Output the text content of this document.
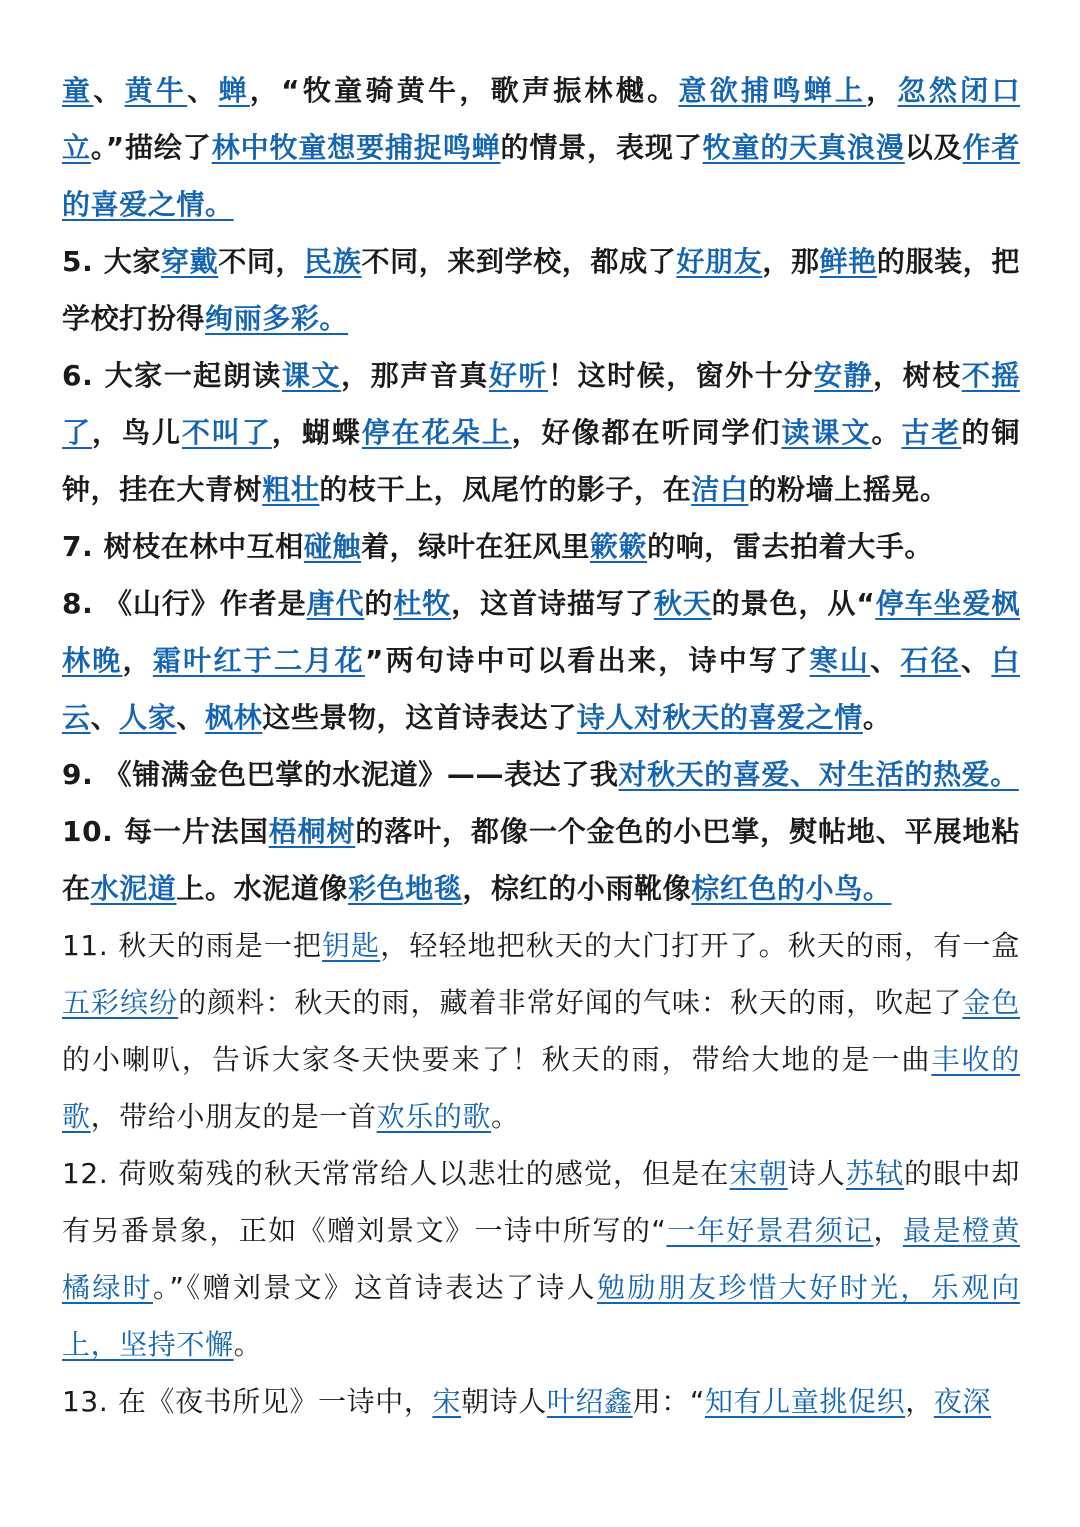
童、黄牛、蝉，“牧童骑黄牛，歌声振林樾。意欲捕鸣蝉上，忽然闭口立。”描绘了林中牧童想要捕捉鸣蝉的情景，表现了牧童的天真浪漫以及作者的喜爱之情。

5. 大家穿戴不同，民族不同，来到学校，都成了好朋友，那鲜艳的服装，把学校打扮得绚丽多彩。

6. 大家一起朗读课文，那声音真好听！这时候，窗外十分安静，树枝不摇了，鸟儿不叫了，蝴蝶停在花朵上，好像都在听同学们读课文。古老的铜钟，挂在大青树粗壮的枝干上，凤尾竹的影子，在洁白的粉墙上摇晃。

7. 树枝在林中互相碰触着，绿叶在狂风里簌簌的响，雷去拍着大手。

8. 《山行》作者是唐代的杜牧，这首诗描写了秋天的景色，从“停车坐爱枫林晚，霜叶红于二月花”两句诗中可以看出来，诗中写了寒山、石径、白云、人家、枫林这些景物，这首诗表达了诗人对秋天的喜爱之情。

9. 《铺满金色巴掌的水泥道》——表达了我对秋天的喜爱、对生活的热爱。

10. 每一片法国梧桐树的落叶，都像一个金色的小巴掌，熨帖地、平展地粘在水泥道上。水泥道像彩色地毯，棕红的小雨靴像棕红色的小鸟。

11. 秋天的雨是一把钥匙，轻轻地把秋天的大门打开了。秋天的雨，有一盒五彩缤纷的颜料：秋天的雨，藏着非常好闻的气味：秋天的雨，吹起了金色的小喇叭，告诉大家冬天快要来了！秋天的雨，带给大地的是一曲丰收的歌，带给小朋友的是一首欢乐的歌。

12. 荷败菊残的秋天常常给人以悲壮的感觉，但是在宋朝诗人苏轼的眼中却有另番景象，正如《赠刘景文》一诗中所写的“一年好景君须记，最是橙黄橘绿时。”《赠刘景文》这首诗表达了诗人勉励朋友珍惜大好时光，乐观向上，坚持不懈。

13. 在《夜书所见》一诗中，宋朝诗人叶绍鑫用：“知有儿童挑促织，夜深
